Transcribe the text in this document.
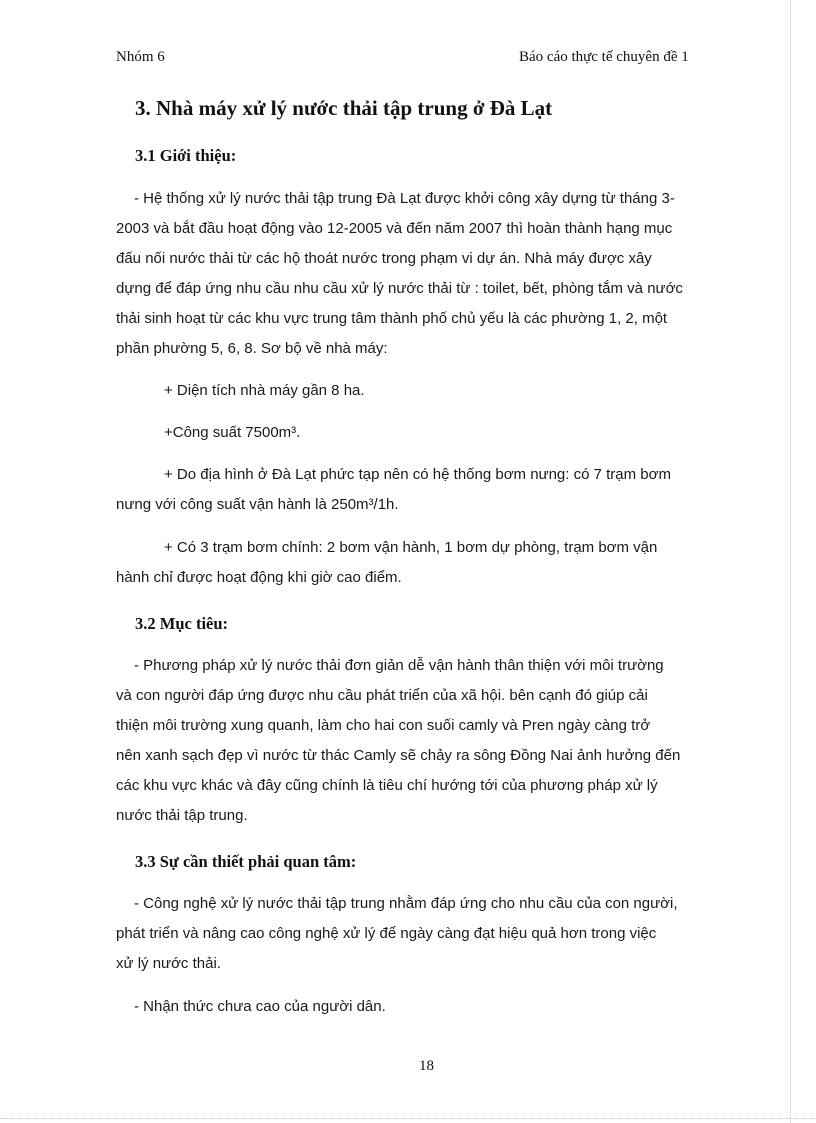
Nhóm 6	Báo cáo thực tế chuyên đề 1
3. Nhà máy xử lý nước thải tập trung ở Đà Lạt
3.1 Giới thiệu:
- Hệ thống xử lý nước thải tập trung Đà Lạt được khởi công xây dựng từ tháng 3-
2003 và bắt đầu hoạt động vào 12-2005 và đến năm 2007 thì hoàn thành hạng mục
đấu nối nước thải từ các hộ thoát nước trong phạm vi dự án. Nhà máy được xây
dựng để đáp ứng nhu cầu nhu cầu xử lý nước thải từ : toilet, bết, phòng tắm và nước
thải sinh hoạt từ các khu vực trung tâm thành phố chủ yếu là các phường 1, 2, một
phần phường 5, 6, 8. Sơ bộ về nhà máy:
+ Diện tích nhà máy gần 8 ha.
+Công suất 7500m³.
+ Do địa hình ở Đà Lạt phức tạp nên có hệ thống bơm nưng: có 7 trạm bơm
nưng với công suất vận hành là 250m³/1h.
+ Có 3 trạm bơm chính: 2 bơm vận hành, 1 bơm dự phòng, trạm bơm vận
hành chỉ được hoạt động khi giờ cao điểm.
3.2 Mục tiêu:
- Phương pháp xử lý nước thải đơn giản dễ vận hành thân thiện với môi trường
và con người đáp ứng được nhu cầu phát triển của xã hội. bên cạnh đó giúp cải
thiện môi trường xung quanh, làm cho hai con suối camly và Pren ngày càng trở
nên xanh sạch đẹp vì nước từ thác Camly sẽ chảy ra sông Đồng Nai ảnh hưởng đến
các khu vực khác và đây cũng chính là tiêu chí hướng tới của phương pháp xử lý
nước thải tập trung.
3.3 Sự cần thiết phải quan tâm:
- Công nghệ xử lý nước thải tập trung nhằm đáp ứng cho nhu cầu của con người,
phát triển và nâng cao công nghệ xử lý để ngày càng đạt hiệu quả hơn trong việc
xử lý nước thải.
- Nhận thức chưa cao của người dân.
18
